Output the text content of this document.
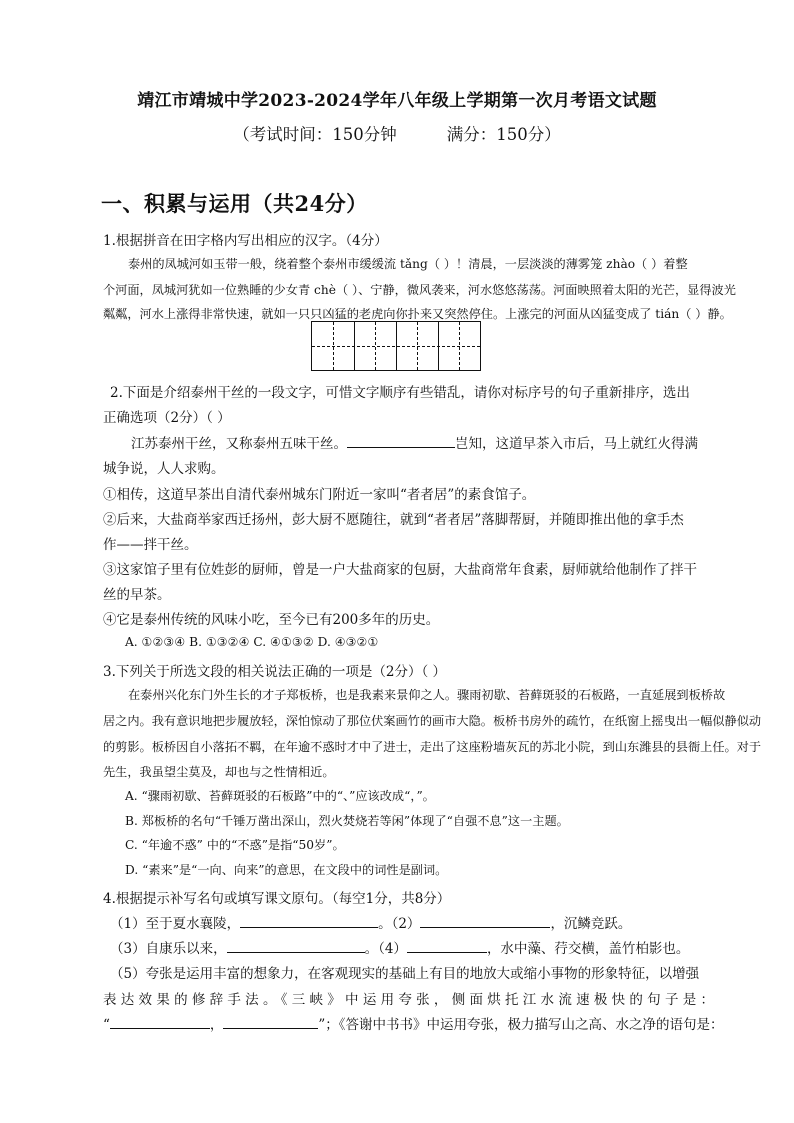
靖江市靖城中学2023-2024学年八年级上学期第一次月考语文试题
（考试时间：150分钟	满分：150分）
一、积累与运用（共24分）
1.根据拼音在田字格内写出相应的汉字。（4分）
泰州的凤城河如玉带一般，绕着整个泰州市缓缓流 tǎng（ ）！清晨，一层淡淡的薄雾笼 zhào（ ）着整
个河面，凤城河犹如一位熟睡的少女青 chè（ ）、宁静，微风袭来，河水悠悠荡荡。河面映照着太阳的光芒，显得波光
粼粼，河水上涨得非常快速，就如一只只凶猛的老虎向你扑来又突然停住。上涨完的河面从凶猛变成了 tián（ ）静。
2.下面是介绍泰州干丝的一段文字，可惜文字顺序有些错乱，请你对标序号的句子重新排序，选出
正确选项（2分）（ ）
江苏泰州干丝，又称泰州五味干丝。	岂知，这道早茶入市后，马上就红火得满
城争说，人人求购。
①相传，这道早茶出自清代泰州城东门附近一家叫“者者居”的素食馆子。
②后来，大盐商举家西迁扬州，彭大厨不愿随往，就到“者者居”落脚帮厨，并随即推出他的拿手杰
作——拌干丝。
③这家馆子里有位姓彭的厨师，曾是一户大盐商家的包厨，大盐商常年食素，厨师就给他制作了拌干
丝的早茶。
④它是泰州传统的风味小吃，至今已有200多年的历史。
A. ①②③④ B. ①③②④ C. ④①③② D. ④③②①
3.下列关于所选文段的相关说法正确的一项是（2分）（ ）
在泰州兴化东门外生长的才子郑板桥，也是我素来景仰之人。骤雨初歇、苔藓斑驳的石板路，一直延展到板桥故
居之内。我有意识地把步履放轻，深怕惊动了那位伏案画竹的画市大隐。板桥书房外的疏竹，在纸窗上摇曳出一幅似静似动
的剪影。板桥因自小落拓不羁，在年逾不惑时才中了进士，走出了这座粉墙灰瓦的苏北小院，到山东潍县的县衙上任。对于
先生，我虽望尘莫及，却也与之性情相近。
A. “骤雨初歇、苔藓斑驳的石板路”中的“、”应该改成“，”。
B. 郑板桥的名句“千锤万凿出深山，烈火焚烧若等闲”体现了“自强不息”这一主题。
C. “年逾不惑” 中的“不惑”是指“50岁”。
D. “素来”是“一向、向来”的意思，在文段中的词性是副词。
4.根据提示补写名句或填写课文原句。（每空1分，共8分）
（1）至于夏水襄陵，	。（2）	，沉鳞竞跃。
（3）自康乐以来，	。（4）	，水中藻、荇交横，盖竹柏影也。
（5）夸张是运用丰富的想象力，在客观现实的基础上有目的地放大或缩小事物的形象特征，以增强
表达效果的修辞手法。《三峡》中运用夸张，侧面烘托江水流速极快的句子是：
“	，	”；《答谢中书书》中运用夸张，极力描写山之高、水之净的语句是：
